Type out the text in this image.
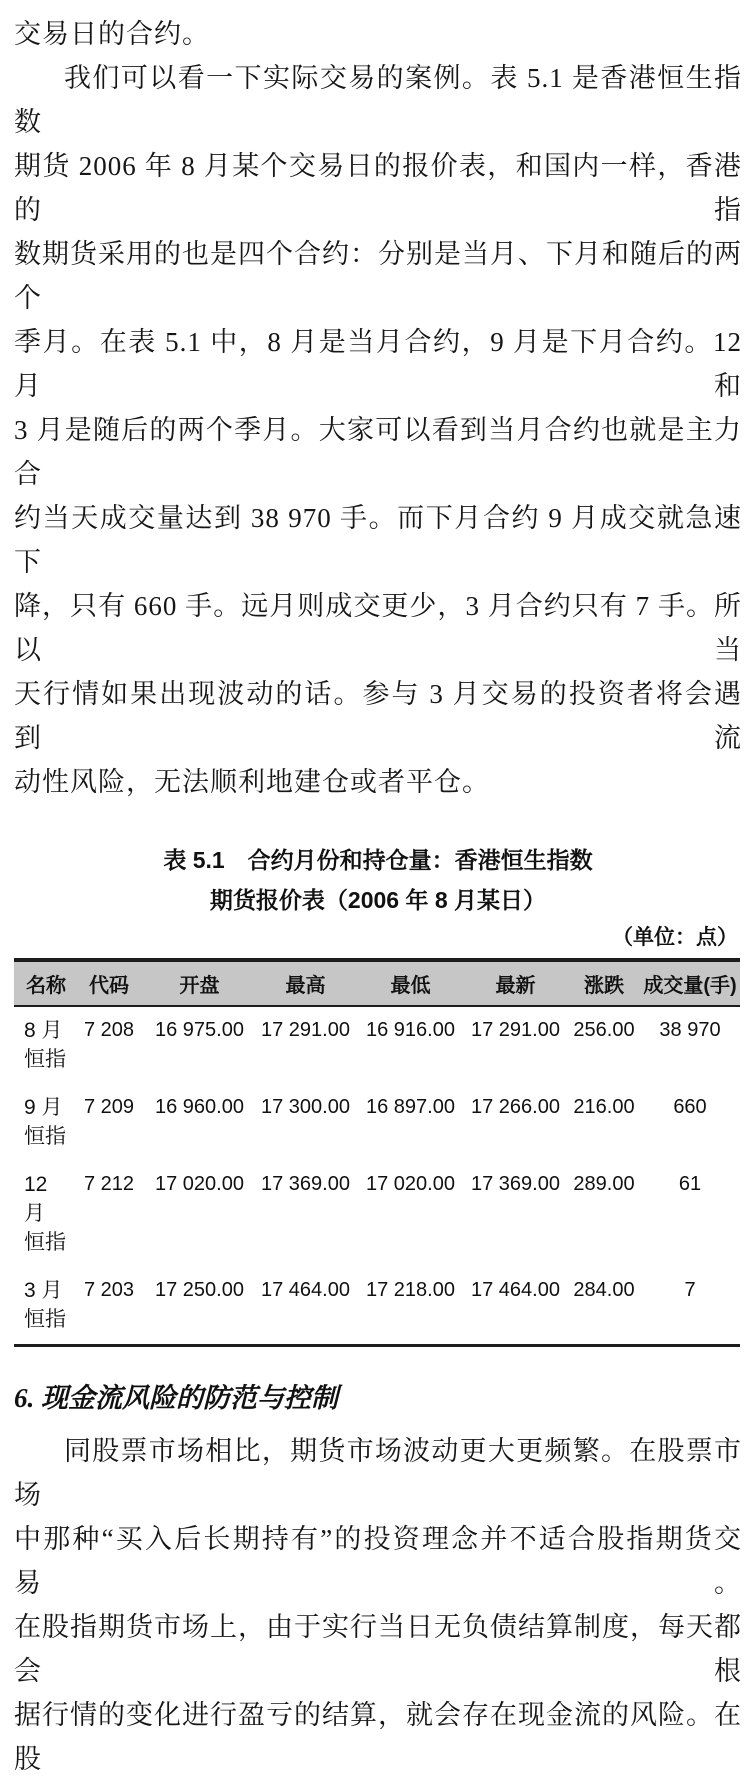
交易日的合约。

我们可以看一下实际交易的案例。表 5.1 是香港恒生指数

期货 2006 年 8 月某个交易日的报价表，和国内一样，香港的指

数期货采用的也是四个合约：分别是当月、下月和随后的两个

季月。在表 5.1 中，8 月是当月合约，9 月是下月合约。12 月和

3 月是随后的两个季月。大家可以看到当月合约也就是主力合

约当天成交量达到 38 970 手。而下月合约 9 月成交就急速下

降，只有 660 手。远月则成交更少，3 月合约只有 7 手。所以当

天行情如果出现波动的话。参与 3 月交易的投资者将会遇到流

动性风险，无法顺利地建仓或者平仓。

表 5.1　合约月份和持仓量：香港恒生指数
期货报价表（2006 年 8 月某日）
（单位：点）
名称	代码	开盘	最高	最低	最新	涨跌	成交量(手)

8 月
恒指	7 208	16 975.00	17 291.00	16 916.00	17 291.00	256.00	38 970

9 月
恒指	7 209	16 960.00	17 300.00	16 897.00	17 266.00	216.00	660

12 月
恒指	7 212	17 020.00	17 369.00	17 020.00	17 369.00	289.00	61

3 月
恒指	7 203	17 250.00	17 464.00	17 218.00	17 464.00	284.00	7
6. 现金流风险的防范与控制

同股票市场相比，期货市场波动更大更频繁。在股票市场

中那种“买入后长期持有”的投资理念并不适合股指期货交易。

在股指期货市场上，由于实行当日无负债结算制度，每天都会根

据行情的变化进行盈亏的结算，就会存在现金流的风险。在股
